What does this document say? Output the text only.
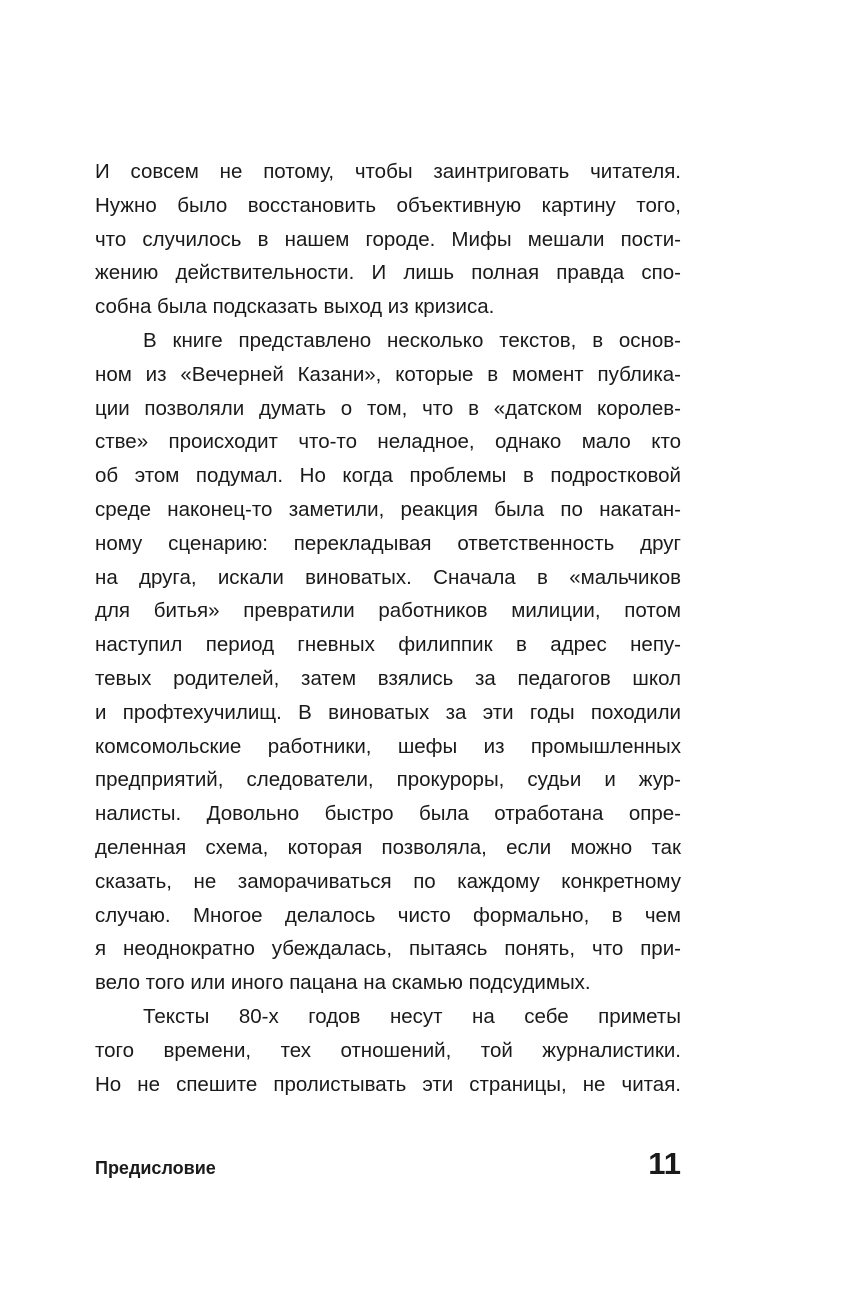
И совсем не потому, чтобы заинтриговать читателя.
Нужно было восстановить объективную картину того,
что случилось в нашем городе. Мифы мешали пости-
жению действительности. И лишь полная правда спо-
собна была подсказать выход из кризиса.
В книге представлено несколько текстов, в основ-
ном из «Вечерней Казани», которые в момент публика-
ции позволяли думать о том, что в «датском королев-
стве» происходит что-то неладное, однако мало кто
об этом подумал. Но когда проблемы в подростковой
среде наконец-то заметили, реакция была по накатан-
ному сценарию: перекладывая ответственность друг
на друга, искали виноватых. Сначала в «мальчиков
для битья» превратили работников милиции, потом
наступил период гневных филиппик в адрес непу-
тевых родителей, затем взялись за педагогов школ
и профтехучилищ. В виноватых за эти годы походили
комсомольские работники, шефы из промышленных
предприятий, следователи, прокуроры, судьи и жур-
налисты. Довольно быстро была отработана опре-
деленная схема, которая позволяла, если можно так
сказать, не заморачиваться по каждому конкретному
случаю. Многое делалось чисто формально, в чем
я неоднократно убеждалась, пытаясь понять, что при-
вело того или иного пацана на скамью подсудимых.
Тексты 80-х годов несут на себе приметы
того времени, тех отношений, той журналистики.
Но не спешите пролистывать эти страницы, не читая.
Предисловие	11
